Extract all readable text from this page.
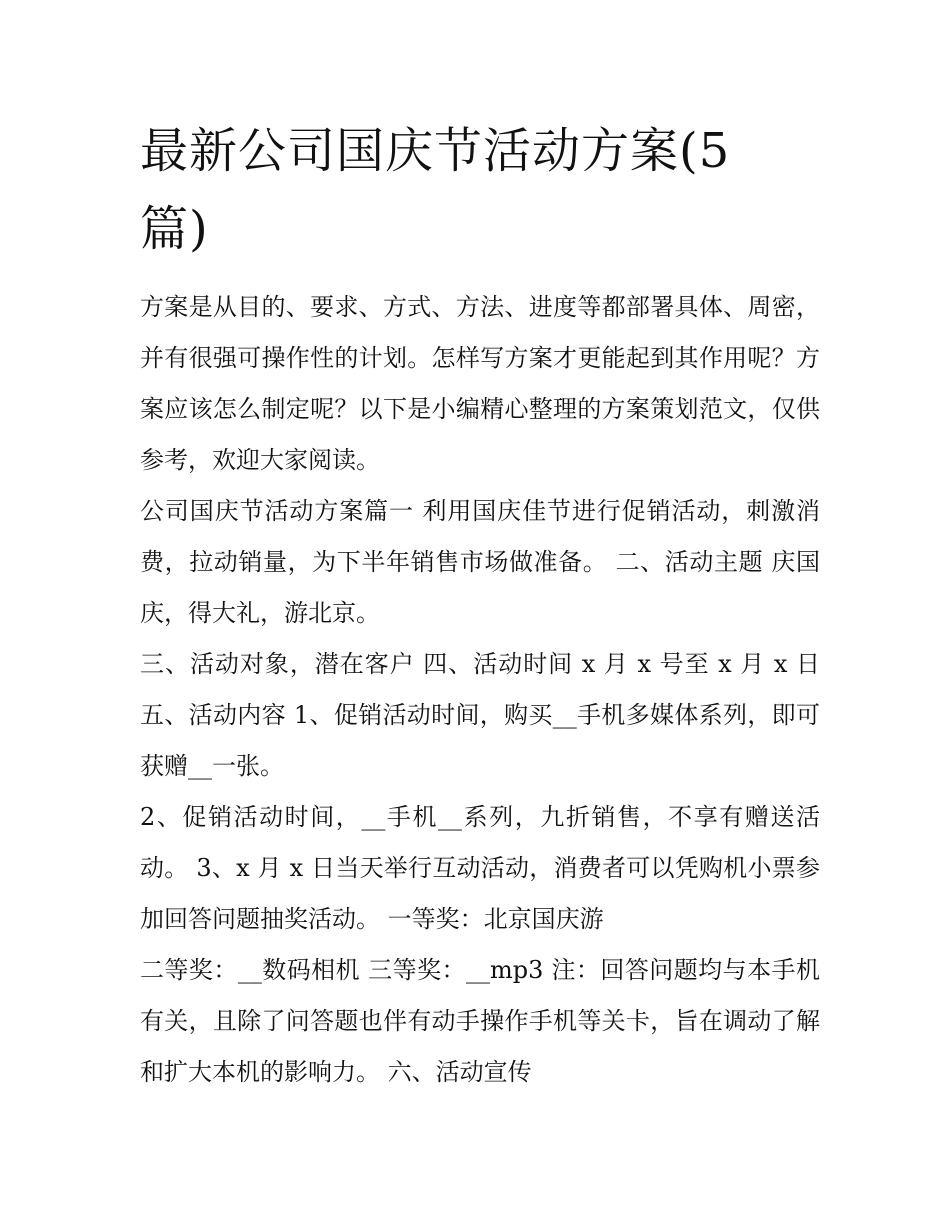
最新公司国庆节活动方案(5
篇)

方案是从目的、要求、方式、方法、进度等都部署具体、周密，并有很强可操作性的计划。怎样写方案才更能起到其作用呢？方案应该怎么制定呢？以下是小编精心整理的方案策划范文，仅供参考，欢迎大家阅读。

公司国庆节活动方案篇一 利用国庆佳节进行促销活动，刺激消费，拉动销量，为下半年销售市场做准备。 二、活动主题 庆国庆，得大礼，游北京。

三、活动对象，潜在客户 四、活动时间 x 月 x 号至 x 月 x 日 五、活动内容 1、促销活动时间，购买__手机多媒体系列，即可获赠__一张。

2、促销活动时间，__手机__系列，九折销售，不享有赠送活动。 3、x 月 x 日当天举行互动活动，消费者可以凭购机小票参加回答问题抽奖活动。 一等奖：北京国庆游

二等奖：__数码相机 三等奖：__mp3 注：回答问题均与本手机有关，且除了问答题也伴有动手操作手机等关卡，旨在调动了解和扩大本机的影响力。 六、活动宣传
